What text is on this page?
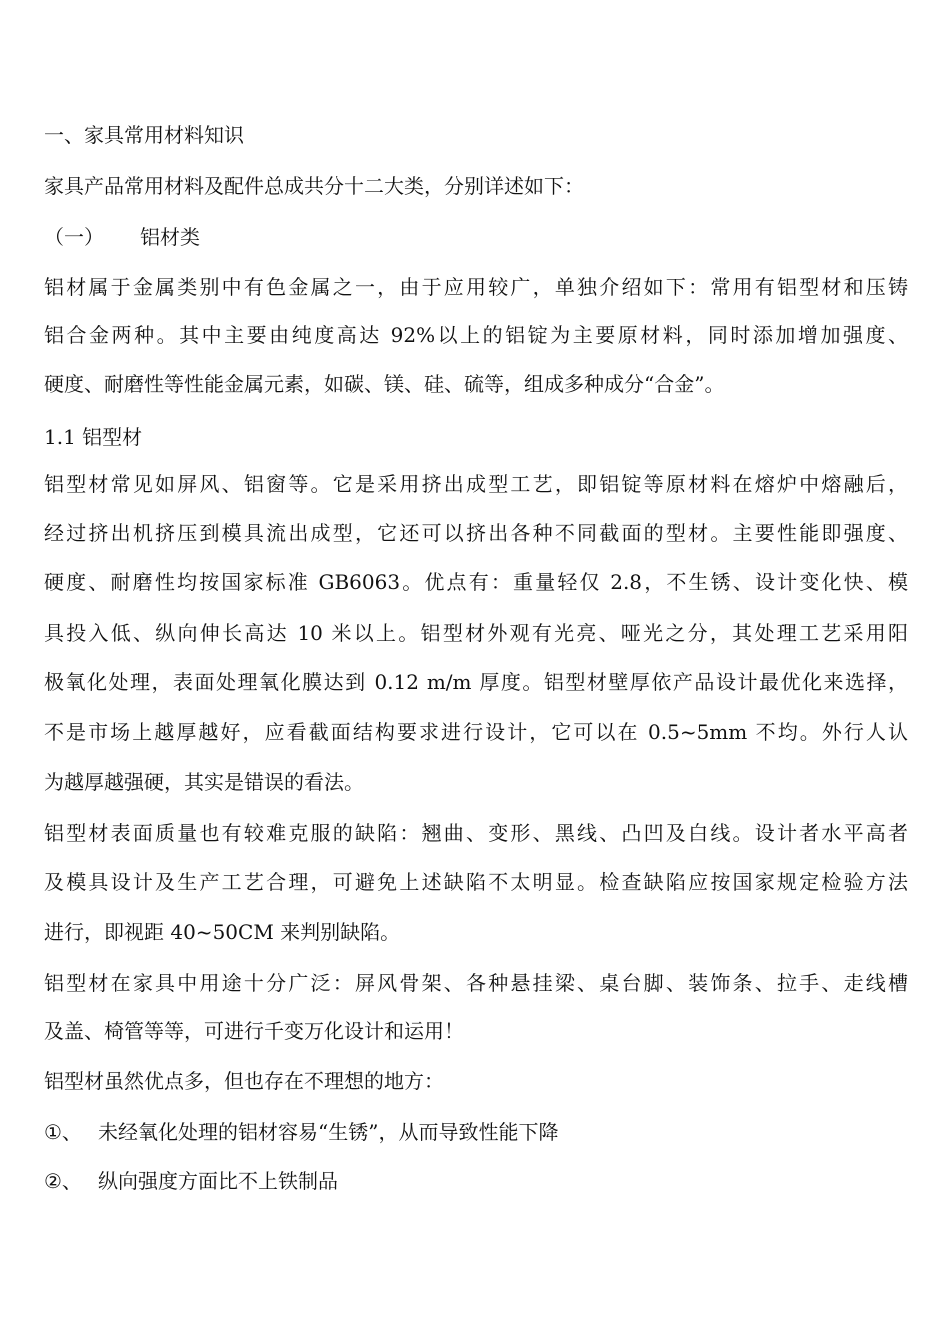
一、家具常用材料知识
家具产品常用材料及配件总成共分十二大类，分别详述如下：
（一） 铝材类
铝材属于金属类别中有色金属之一，由于应用较广，单独介绍如下：常用有铝型材和压铸
铝合金两种。其中主要由纯度高达 92%以上的铝锭为主要原材料，同时添加增加强度、
硬度、耐磨性等性能金属元素，如碳、镁、硅、硫等，组成多种成分“合金”。
1.1 铝型材
铝型材常见如屏风、铝窗等。它是采用挤出成型工艺，即铝锭等原材料在熔炉中熔融后，
经过挤出机挤压到模具流出成型，它还可以挤出各种不同截面的型材。主要性能即强度、
硬度、耐磨性均按国家标准 GB6063。优点有：重量轻仅 2.8，不生锈、设计变化快、模
具投入低、纵向伸长高达 10 米以上。铝型材外观有光亮、哑光之分，其处理工艺采用阳
极氧化处理，表面处理氧化膜达到 0.12 m/m 厚度。铝型材壁厚依产品设计最优化来选择，
不是市场上越厚越好，应看截面结构要求进行设计，它可以在 0.5~5mm 不均。外行人认
为越厚越强硬，其实是错误的看法。
铝型材表面质量也有较难克服的缺陷：翘曲、变形、黑线、凸凹及白线。设计者水平高者
及模具设计及生产工艺合理，可避免上述缺陷不太明显。检查缺陷应按国家规定检验方法
进行，即视距 40~50CM 来判别缺陷。
铝型材在家具中用途十分广泛：屏风骨架、各种悬挂梁、桌台脚、装饰条、拉手、走线槽
及盖、椅管等等，可进行千变万化设计和运用！
铝型材虽然优点多，但也存在不理想的地方：
①、 未经氧化处理的铝材容易“生锈”，从而导致性能下降
②、 纵向强度方面比不上铁制品
